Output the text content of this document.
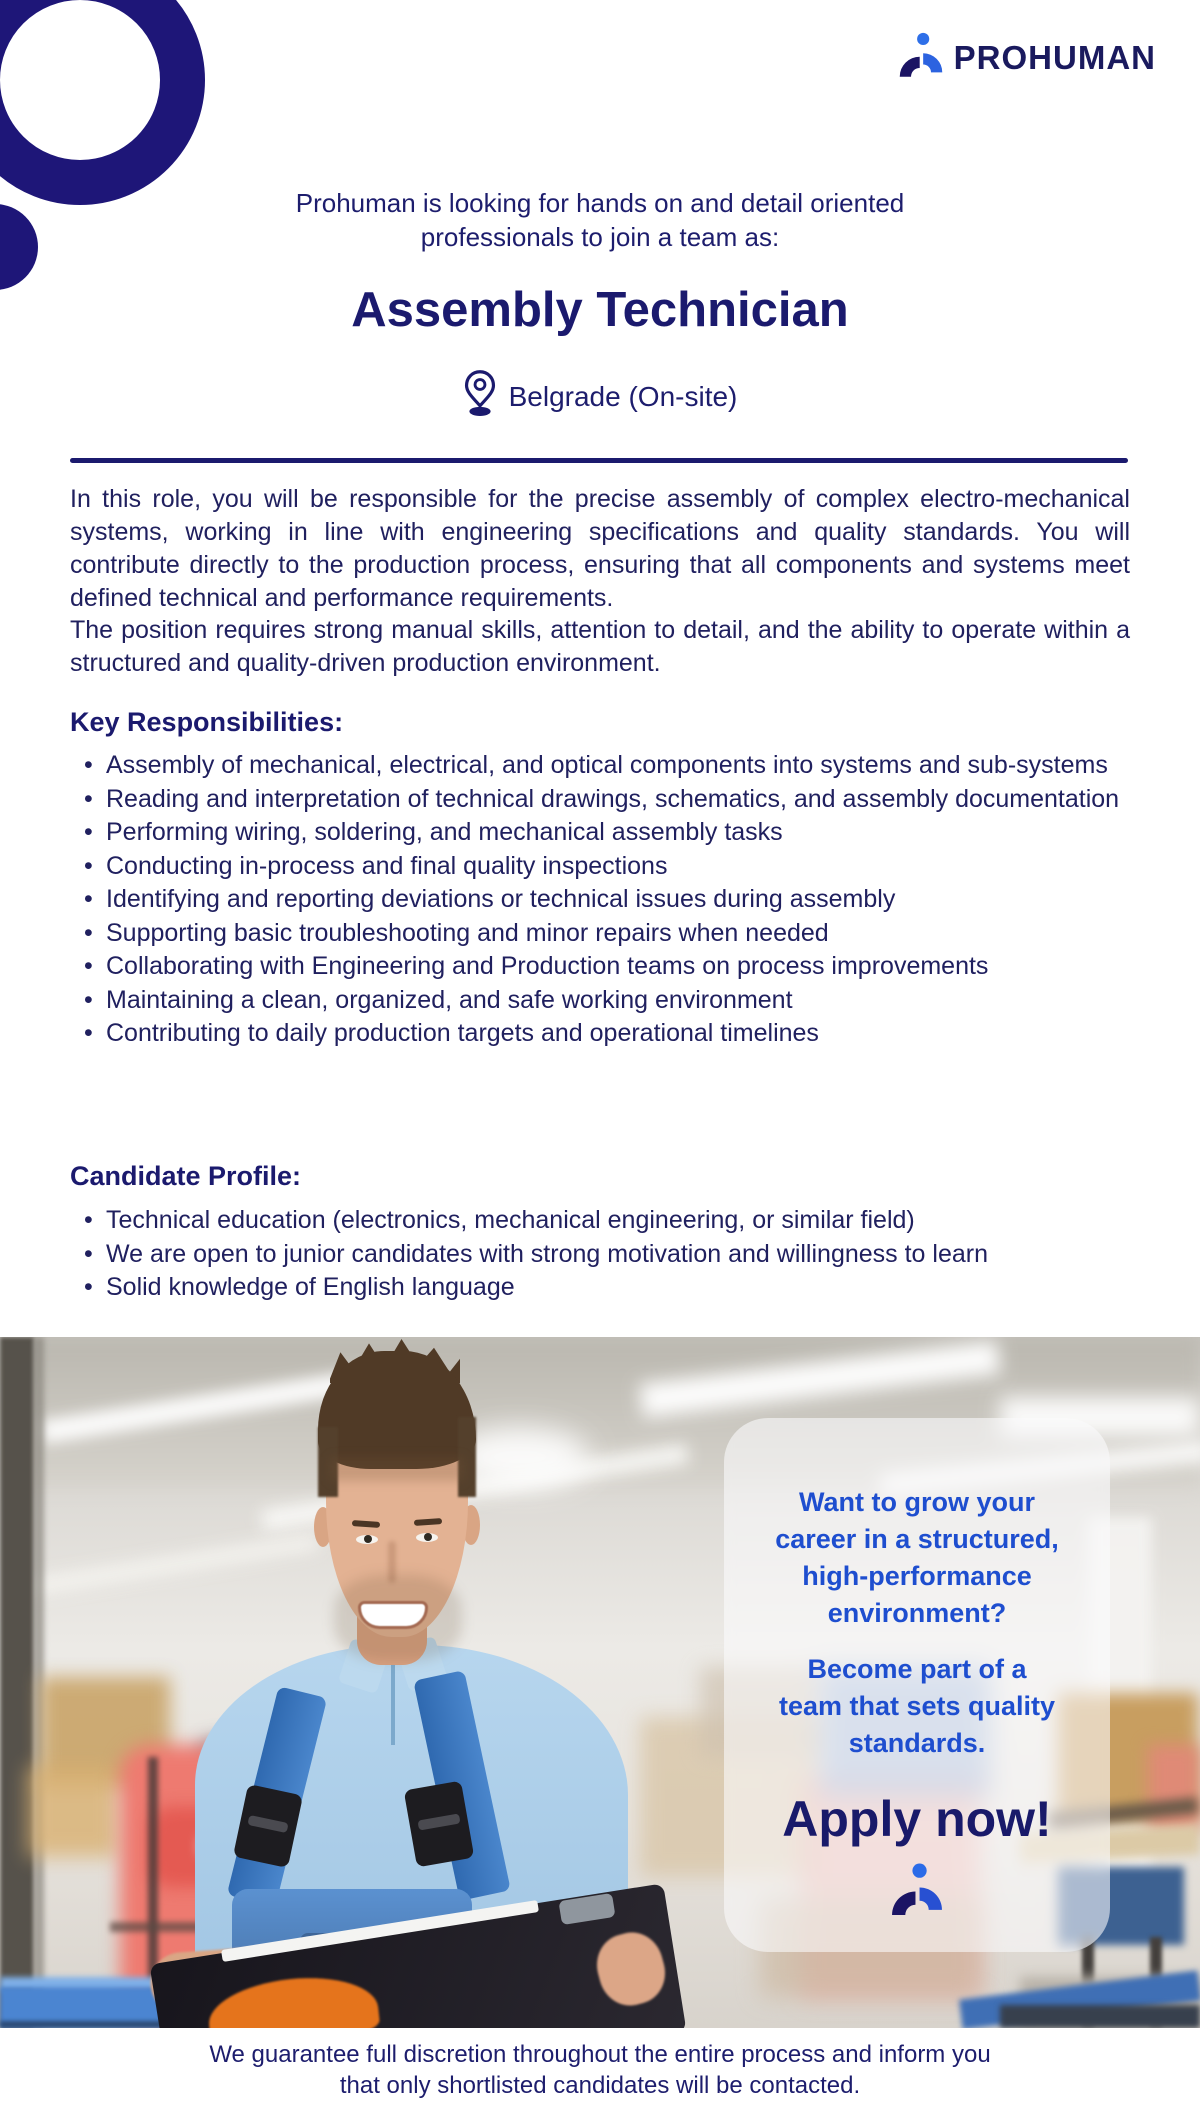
PROHUMAN
Prohuman is looking for hands on and detail oriented
professionals to join a team as:
Assembly Technician
Belgrade (On-site)
In this role, you will be responsible for the precise assembly of complex electro-mechanical systems, working in line with engineering specifications and quality standards. You will contribute directly to the production process, ensuring that all components and systems meet defined technical and performance requirements.
The position requires strong manual skills, attention to detail, and the ability to operate within a structured and quality-driven production environment.
Key Responsibilities:
• Assembly of mechanical, electrical, and optical components into systems and sub-systems
• Reading and interpretation of technical drawings, schematics, and assembly documentation
• Performing wiring, soldering, and mechanical assembly tasks
• Conducting in-process and final quality inspections
• Identifying and reporting deviations or technical issues during assembly
• Supporting basic troubleshooting and minor repairs when needed
• Collaborating with Engineering and Production teams on process improvements
• Maintaining a clean, organized, and safe working environment
• Contributing to daily production targets and operational timelines
Candidate Profile:
• Technical education (electronics, mechanical engineering, or similar field)
• We are open to junior candidates with strong motivation and willingness to learn
• Solid knowledge of English language
Want to grow your
career in a structured,
high-performance
environment?
Become part of a
team that sets quality
standards.
Apply now!
We guarantee full discretion throughout the entire process and inform you
that only shortlisted candidates will be contacted.
